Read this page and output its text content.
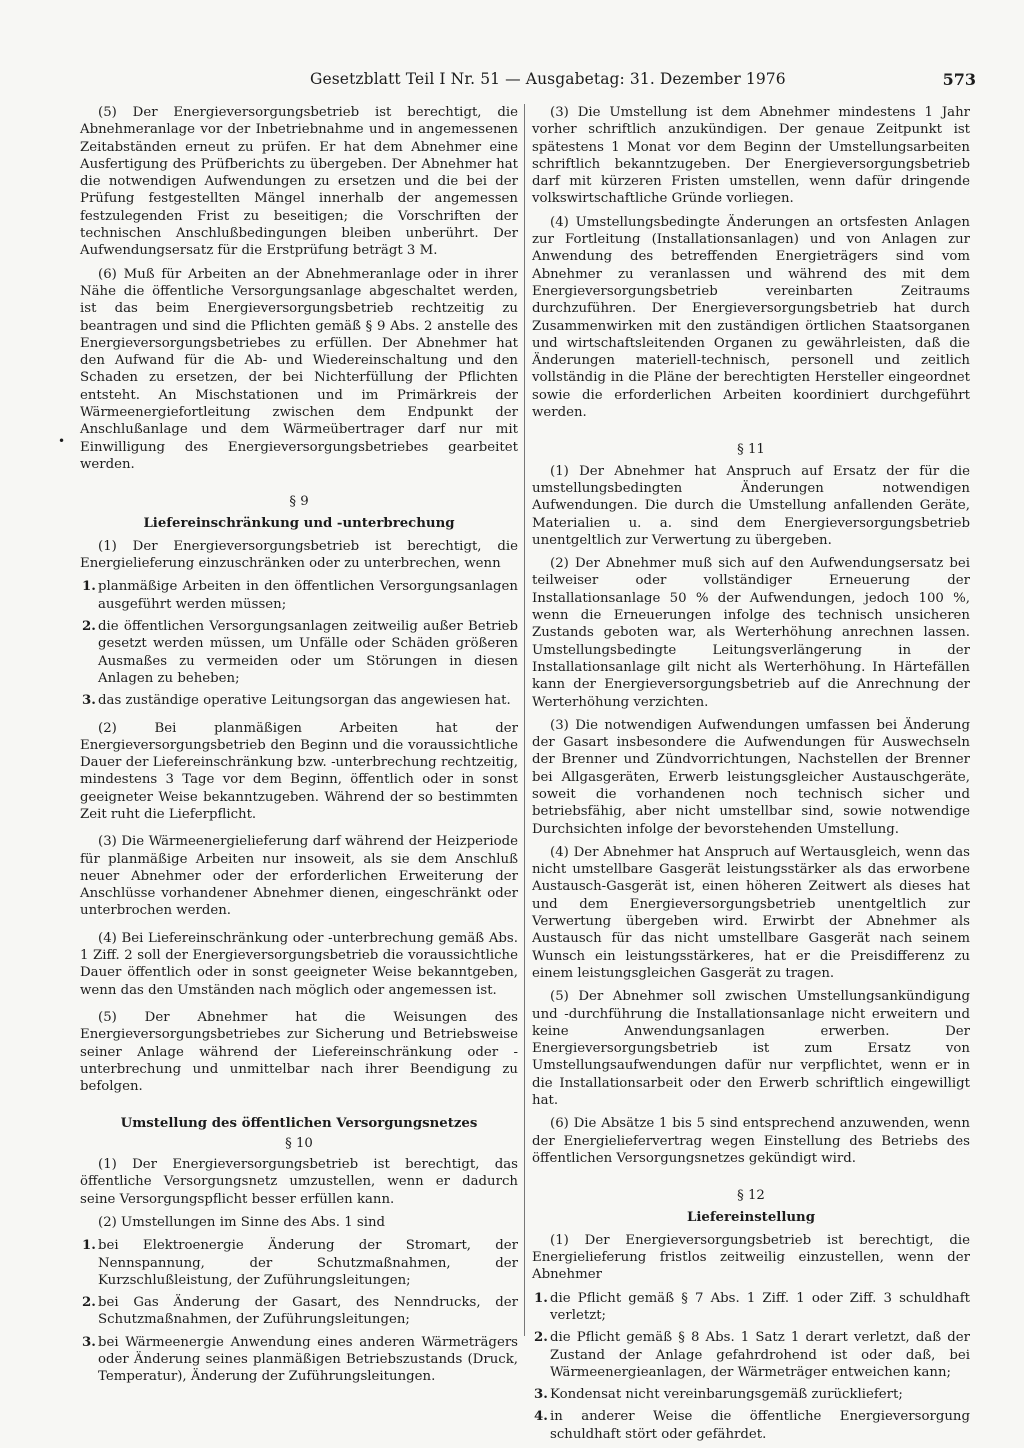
Gesetzblatt Teil I Nr. 51 — Ausgabetag: 31. Dezember 1976	573
•

(5) Der Energieversorgungsbetrieb ist berechtigt, die Abnehmeranlage vor der Inbetriebnahme und in angemessenen Zeitabständen erneut zu prüfen. Er hat dem Abnehmer eine Ausfertigung des Prüfberichts zu übergeben. Der Abnehmer hat die notwendigen Aufwendungen zu ersetzen und die bei der Prüfung festgestellten Mängel innerhalb der angemessen festzulegenden Frist zu beseitigen; die Vorschriften der technischen Anschlußbedingungen bleiben unberührt. Der Aufwendungsersatz für die Erstprüfung beträgt 3 M.

(6) Muß für Arbeiten an der Abnehmeranlage oder in ihrer Nähe die öffentliche Versorgungsanlage abgeschaltet werden, ist das beim Energieversorgungsbetrieb rechtzeitig zu beantragen und sind die Pflichten gemäß § 9 Abs. 2 anstelle des Energieversorgungsbetriebes zu erfüllen. Der Abnehmer hat den Aufwand für die Ab- und Wiedereinschaltung und den Schaden zu ersetzen, der bei Nichterfüllung der Pflichten entsteht. An Mischstationen und im Primärkreis der Wärmeenergiefortleitung zwischen dem Endpunkt der Anschlußanlage und dem Wärmeübertrager darf nur mit Einwilligung des Energieversorgungsbetriebes gearbeitet werden.

§ 9
Liefereinschränkung und -unterbrechung

(1) Der Energieversorgungsbetrieb ist berechtigt, die Energielieferung einzuschränken oder zu unterbrechen, wenn

1. planmäßige Arbeiten in den öffentlichen Versorgungsanlagen ausgeführt werden müssen;
2. die öffentlichen Versorgungsanlagen zeitweilig außer Betrieb gesetzt werden müssen, um Unfälle oder Schäden größeren Ausmaßes zu vermeiden oder um Störungen in diesen Anlagen zu beheben;
3. das zuständige operative Leitungsorgan das angewiesen hat.

(2) Bei planmäßigen Arbeiten hat der Energieversorgungsbetrieb den Beginn und die voraussichtliche Dauer der Liefereinschränkung bzw. -unterbrechung rechtzeitig, mindestens 3 Tage vor dem Beginn, öffentlich oder in sonst geeigneter Weise bekanntzugeben. Während der so bestimmten Zeit ruht die Lieferpflicht.

(3) Die Wärmeenergielieferung darf während der Heizperiode für planmäßige Arbeiten nur insoweit, als sie dem Anschluß neuer Abnehmer oder der erforderlichen Erweiterung der Anschlüsse vorhandener Abnehmer dienen, eingeschränkt oder unterbrochen werden.

(4) Bei Liefereinschränkung oder -unterbrechung gemäß Abs. 1 Ziff. 2 soll der Energieversorgungsbetrieb die voraussichtliche Dauer öffentlich oder in sonst geeigneter Weise bekanntgeben, wenn das den Umständen nach möglich oder angemessen ist.

(5) Der Abnehmer hat die Weisungen des Energieversorgungsbetriebes zur Sicherung und Betriebsweise seiner Anlage während der Liefereinschränkung oder -unterbrechung und unmittelbar nach ihrer Beendigung zu befolgen.

Umstellung des öffentlichen Versorgungsnetzes
§ 10

(1) Der Energieversorgungsbetrieb ist berechtigt, das öffentliche Versorgungsnetz umzustellen, wenn er dadurch seine Versorgungspflicht besser erfüllen kann.

(2) Umstellungen im Sinne des Abs. 1 sind

1. bei Elektroenergie Änderung der Stromart, der Nennspannung, der Schutzmaßnahmen, der Kurzschlußleistung, der Zuführungsleitungen;
2. bei Gas Änderung der Gasart, des Nenndrucks, der Schutzmaßnahmen, der Zuführungsleitungen;
3. bei Wärmeenergie Anwendung eines anderen Wärmeträgers oder Änderung seines planmäßigen Betriebszustands (Druck, Temperatur), Änderung der Zuführungsleitungen.

(3) Die Umstellung ist dem Abnehmer mindestens 1 Jahr vorher schriftlich anzukündigen. Der genaue Zeitpunkt ist spätestens 1 Monat vor dem Beginn der Umstellungsarbeiten schriftlich bekanntzugeben. Der Energieversorgungsbetrieb darf mit kürzeren Fristen umstellen, wenn dafür dringende volkswirtschaftliche Gründe vorliegen.

(4) Umstellungsbedingte Änderungen an ortsfesten Anlagen zur Fortleitung (Installationsanlagen) und von Anlagen zur Anwendung des betreffenden Energieträgers sind vom Abnehmer zu veranlassen und während des mit dem Energieversorgungsbetrieb vereinbarten Zeitraums durchzuführen. Der Energieversorgungsbetrieb hat durch Zusammenwirken mit den zuständigen örtlichen Staatsorganen und wirtschaftsleitenden Organen zu gewährleisten, daß die Änderungen materiell-technisch, personell und zeitlich vollständig in die Pläne der berechtigten Hersteller eingeordnet sowie die erforderlichen Arbeiten koordiniert durchgeführt werden.

§ 11

(1) Der Abnehmer hat Anspruch auf Ersatz der für die umstellungsbedingten Änderungen notwendigen Aufwendungen. Die durch die Umstellung anfallenden Geräte, Materialien u. a. sind dem Energieversorgungsbetrieb unentgeltlich zur Verwertung zu übergeben.

(2) Der Abnehmer muß sich auf den Aufwendungsersatz bei teilweiser oder vollständiger Erneuerung der Installationsanlage 50 % der Aufwendungen, jedoch 100 %, wenn die Erneuerungen infolge des technisch unsicheren Zustands geboten war, als Werterhöhung anrechnen lassen. Umstellungsbedingte Leitungsverlängerung in der Installationsanlage gilt nicht als Werterhöhung. In Härtefällen kann der Energieversorgungsbetrieb auf die Anrechnung der Werterhöhung verzichten.

(3) Die notwendigen Aufwendungen umfassen bei Änderung der Gasart insbesondere die Aufwendungen für Auswechseln der Brenner und Zündvorrichtungen, Nachstellen der Brenner bei Allgasgeräten, Erwerb leistungsgleicher Austauschgeräte, soweit die vorhandenen noch technisch sicher und betriebsfähig, aber nicht umstellbar sind, sowie notwendige Durchsichten infolge der bevorstehenden Umstellung.

(4) Der Abnehmer hat Anspruch auf Wertausgleich, wenn das nicht umstellbare Gasgerät leistungsstärker als das erworbene Austausch-Gasgerät ist, einen höheren Zeitwert als dieses hat und dem Energieversorgungsbetrieb unentgeltlich zur Verwertung übergeben wird. Erwirbt der Abnehmer als Austausch für das nicht umstellbare Gasgerät nach seinem Wunsch ein leistungsstärkeres, hat er die Preisdifferenz zu einem leistungsgleichen Gasgerät zu tragen.

(5) Der Abnehmer soll zwischen Umstellungsankündigung und -durchführung die Installationsanlage nicht erweitern und keine Anwendungsanlagen erwerben. Der Energieversorgungsbetrieb ist zum Ersatz von Umstellungsaufwendungen dafür nur verpflichtet, wenn er in die Installationsarbeit oder den Erwerb schriftlich eingewilligt hat.

(6) Die Absätze 1 bis 5 sind entsprechend anzuwenden, wenn der Energieliefervertrag wegen Einstellung des Betriebs des öffentlichen Versorgungsnetzes gekündigt wird.

§ 12
Liefereinstellung

(1) Der Energieversorgungsbetrieb ist berechtigt, die Energielieferung fristlos zeitweilig einzustellen, wenn der Abnehmer

1. die Pflicht gemäß § 7 Abs. 1 Ziff. 1 oder Ziff. 3 schuldhaft verletzt;
2. die Pflicht gemäß § 8 Abs. 1 Satz 1 derart verletzt, daß der Zustand der Anlage gefahrdrohend ist oder daß, bei Wärmeenergieanlagen, der Wärmeträger entweichen kann;
3. Kondensat nicht vereinbarungsgemäß zurückliefert;
4. in anderer Weise die öffentliche Energieversorgung schuldhaft stört oder gefährdet.
